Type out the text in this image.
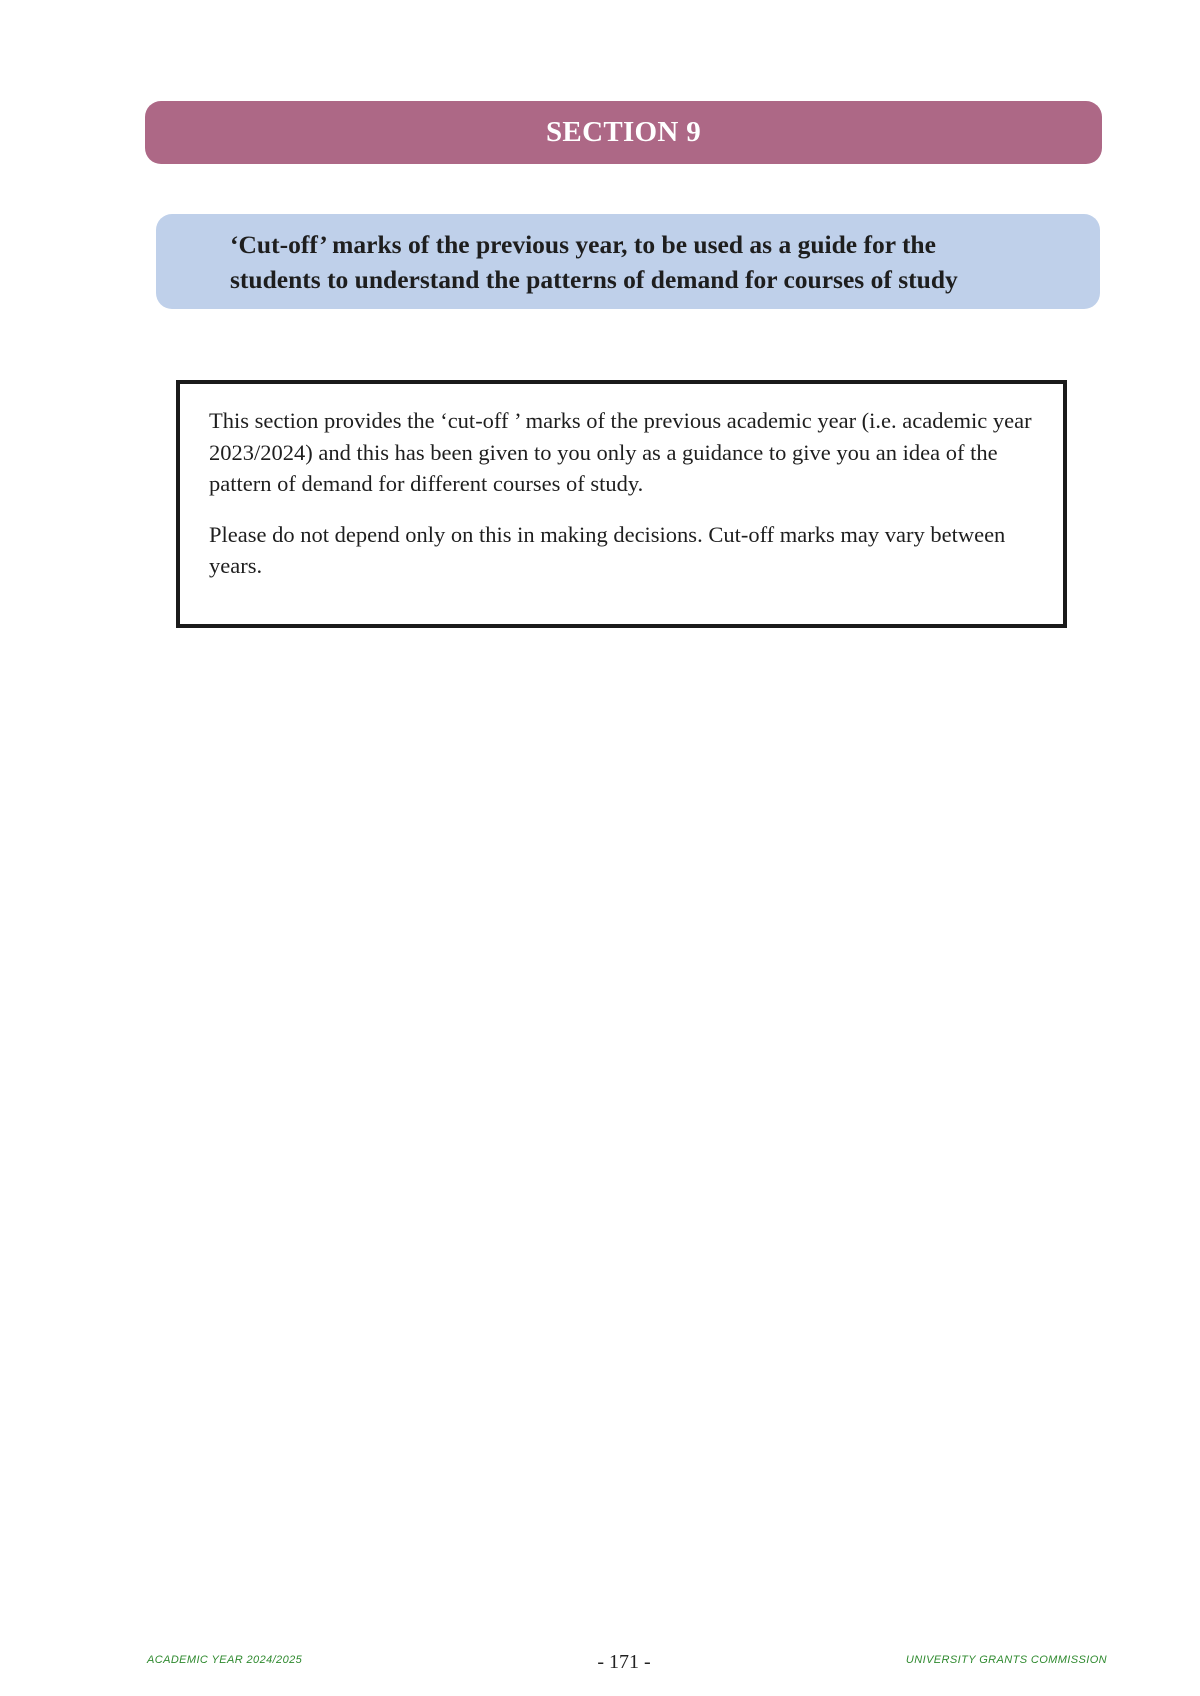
SECTION 9
‘Cut-off’ marks of the previous year, to be used as a guide for the
students to understand the patterns of demand for courses of study

This section provides the ‘cut-off ’ marks of the previous academic year (i.e. academic year 2023/2024) and this has been given to you only as a guidance to give you an idea of the pattern of demand for different courses of study.

Please do not depend only on this in making decisions. Cut-off marks may vary between years.

ACADEMIC YEAR 2024/2025	- 171 -	UNIVERSITY GRANTS COMMISSION
